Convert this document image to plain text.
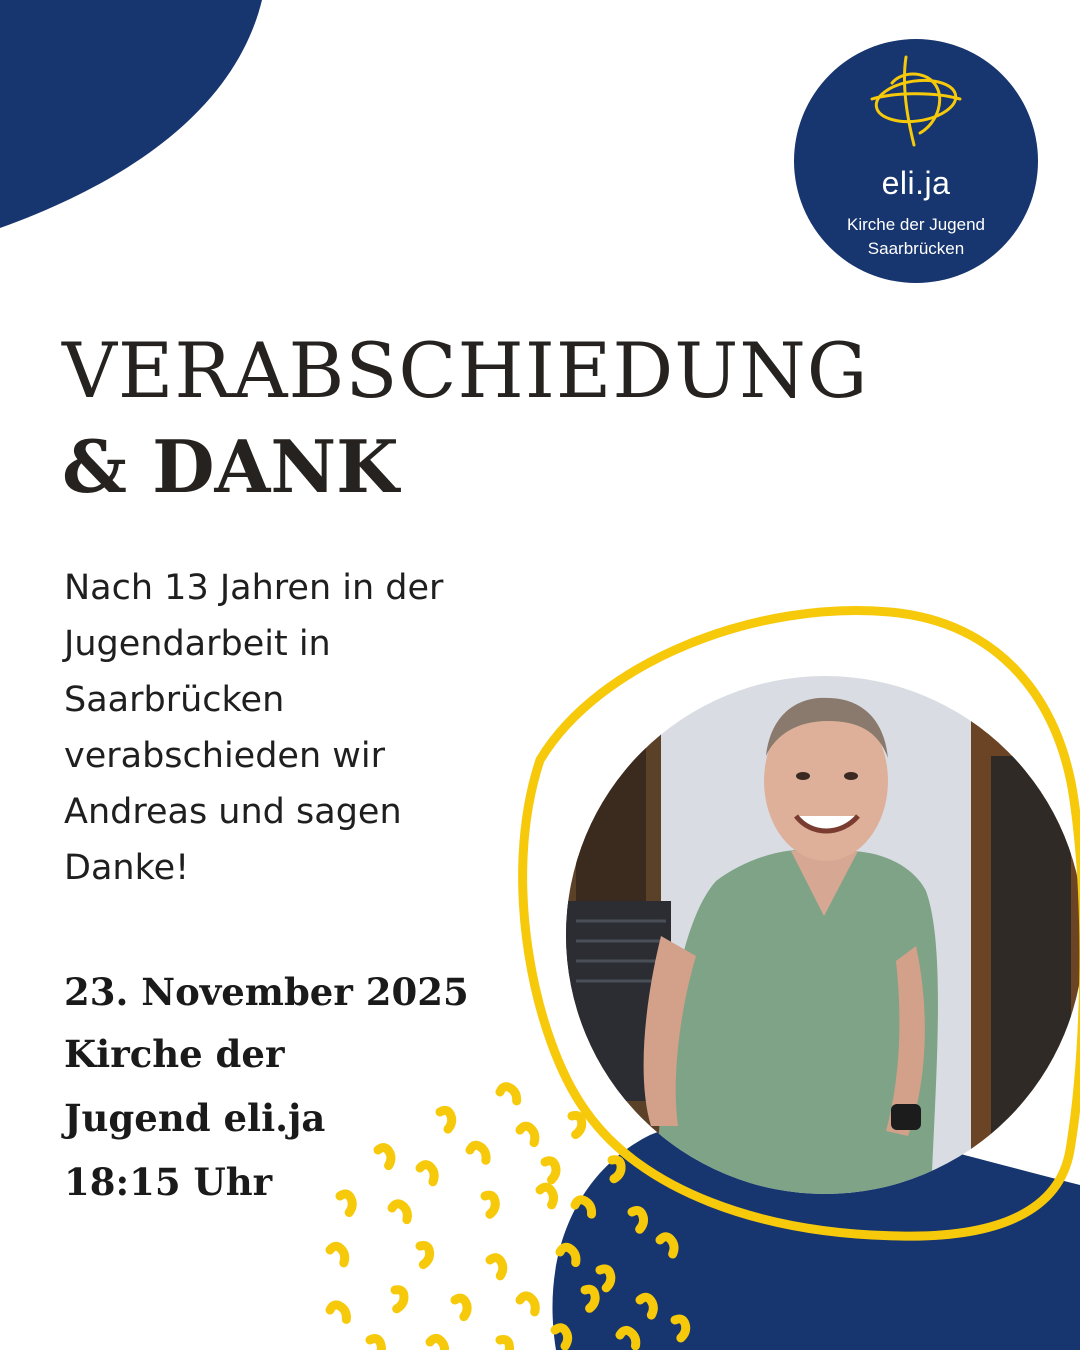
eli.ja
Kirche der Jugend
Saarbrücken
VERABSCHIEDUNG
& DANK

Nach 13 Jahren in der Jugendarbeit in Saarbrücken verabschieden wir Andreas und sagen Danke!

23. November 2025

Kirche der

Jugend eli.ja

18:15 Uhr
